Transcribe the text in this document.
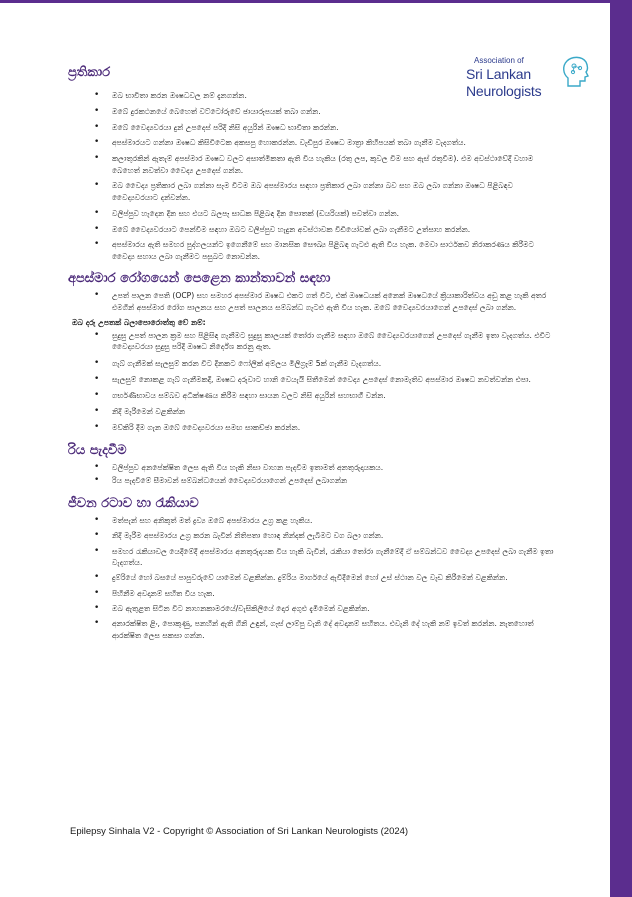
Association of
Sri Lankan
Neurologists
ප්‍රතිකාර
• ඔබ භාවිතා කරන ඖෂධවල නම් දැනගන්න.
• ඔබේ දුරකථනයේ බෙහෙත් වට්ටෝරුවේ ඡායාරූපයක් තබා ගන්න.
• ඔබේ වෛද්‍යවරයා දුන් උපදෙස් පරිදි නිසි අයුරින් ඖෂධ භාවිතා කරන්න.
• අපස්මාරයට ගන්නා ඖෂධ කිසිවිටෙක අකසපු හොකරන්න. වැඩිපුර ඖෂධ මාත්‍රා කිහිපයක් තබා ගැනීම වැදගත්ය.
• කලාතුරකින් ඇතැම් අපස්මාර ඖෂධ වලට අසාත්මිකතා ඇති විය හැකිය (රතු ලප, කුවල විම සහ ඇස් රතුවීම). එම අවස්ථාවේදී වහාම බෙහෙත් නවත්වා වෛද්‍ය උපදෙස් ගන්න.
• ඔබ වෛද්‍ය ප්‍රතිකාර ලබා ගන්නා සෑම විටම ඔබ අපස්මාරය සඳහා ප්‍රතිකාර ලබා ගන්නා බව සහ ඔබ ලබා ගන්නා ඖෂධ පිළිබඳව වෛද්‍යවරයාට දන්වන්න.
• වලිප්පුව හැදෙන දින සහ එයට බලපෑ සාධක පිළිබඳ දින පොතක් (ඩයරියක්) පවත්වා ගන්න.
• ඔබේ වෛද්‍යවරයාට පෙන්වීම සඳහා ඔබට වලිප්පුව හැදුන අවස්ථාවක වීඩියෝවක් ලබා ගැනීමට උත්සාහ කරන්න.
• අපස්මාරය ඇති සමහර පුද්ගලයන්ට ඉගෙනීමේ සහ මානසික සෞඛ්‍ය පිළිබඳ ගැටළු ඇති විය හැක. මෙවා සාර්ථකව නිරාකරණය කිරීමට වෛද්‍ය සහාය ලබා ගැනීමට පසුබට නොවන්න.
අපස්මාර රෝගයෙන් පෙළෙන කාන්තාවන් සඳහා
• උපත් පාලන පෙති (OCP) සහ සමහර අපස්මාර ඖෂධ එකට ගත් විට, එක් ඖෂධයක් අනෙක් ඖෂධයේ ක්‍රියාකාරිත්වය අඩු කළ හැකි අතර එමගින් අපස්මාර රෝග පාලනය සහ උපත් පාලනය සම්බන්ධ ගැටළු ඇති විය හැක. ඔබේ වෛද්‍යවරයාගෙන් උපදෙස් ලබා ගන්න.
ඔබ දරු උපතක් බලාපොරොත්තු වේ නම්:
• සුදුසු උපත් පාලන ක්‍රම සහ පිළිසිඳ ගැනීමට සුදුසු කාලයක් තෝරා ගැනීම සඳහා ඔබේ වෛද්‍යවරයාගෙන් උපදෙස් ගැනීම ඉතා වැදගත්ය. එවිට වෛද්‍යවරයා සුදුසු පරිදි ඖෂධ නිර්දේශ කරනු ඇත.
• ගැබ් ගැනීමක් සැලසුම් කරන විට දිනකට ෆෝලික් අම්ලය මිලිග්‍රෑම් 5ක් ගැනීම වැදගත්ය.
• සැලසුම් නොකළ ගැබ් ගැනීමකදී, ඖෂධ දරුවාට හානි වෙයැයි සිතීමෙන් වෛද්‍ය උපදෙස් නොමැතිව අපස්මාර ඖෂධ නවත්වන්න එපා.
• ගර්භණීභාවය සම්බව අධීක්ෂණය කිරීම සඳහා සායන වලට නිසි අයුරින් සහභාගී වන්න.
• නිදි මැරීමෙන් වළකින්න
• මව්කිරි දීම ගැන ඔබේ වෛද්‍යවරයා සමඟ සාකච්ඡා කරන්න.
රිය පැදවීම
• වලිප්පුව අනපේක්ෂිත ලෙස ඇති විය හැකි නිසා වාහන පැදවීම ඉතාමත් අනතුරුදායකය.
• රිය පැදවීමේ සීමාවන් සම්බන්ධයෙන් වෛද්‍යවරයාගෙන් උපදෙස් ලබාගන්න
ජීවන රටාව හා රැකියාව
• මත්පැන් සහ අනිකුත් මත් ද්‍රව්‍ය ඔබේ අපස්මාරය උග්‍ර කළ හැකිය.
• නිදි මැරීම අපස්මාරය උග්‍ර කරන බැවින් නිතිපතා හොඳ නින්දක් ලැබීමට වග බලා ගන්න.
• සමහර රැකියාවල යෙදීමේදී අපස්මාරය අනතුරුදායක විය හැකි බැවින්, රැකියා තෝරා ගැනීමේදී ඒ සම්බන්ධව වෛද්‍ය උපදෙස් ලබා ගැනීම ඉතා වැදගත්ය.
• දුම්රියේ හෝ බසයේ පාපුවරුවේ යාමෙන් වළකින්න. දුම්රිය මාර්ගයේ ඇවිදීමෙන් හෝ උස් ස්ථාන වල වැඩ කිරීමෙන් වළකින්න.
• පිහිනීම අවදානම් සහිත විය හැක.
• ඔබ ඇතුළත සිටින විට නාහනකාමරයේ/වැසිකිලියේ දොර අගුළු දැමීමෙන් වළකින්න.
• අනාරක්ෂිත ළිං, පොකුණු, පනහින් ඇති ගිනි උඳුන්, ගෑස් ලාම්පු වැනි දේ අවදානම් සහිතය. එවැනි දේ හැකි නම් ඉවත් කරන්න. නැතහොත් ආරක්ෂිත ලෙස සකසා ගන්න.
Epilepsy Sinhala V2 - Copyright © Association of Sri Lankan Neurologists (2024)
